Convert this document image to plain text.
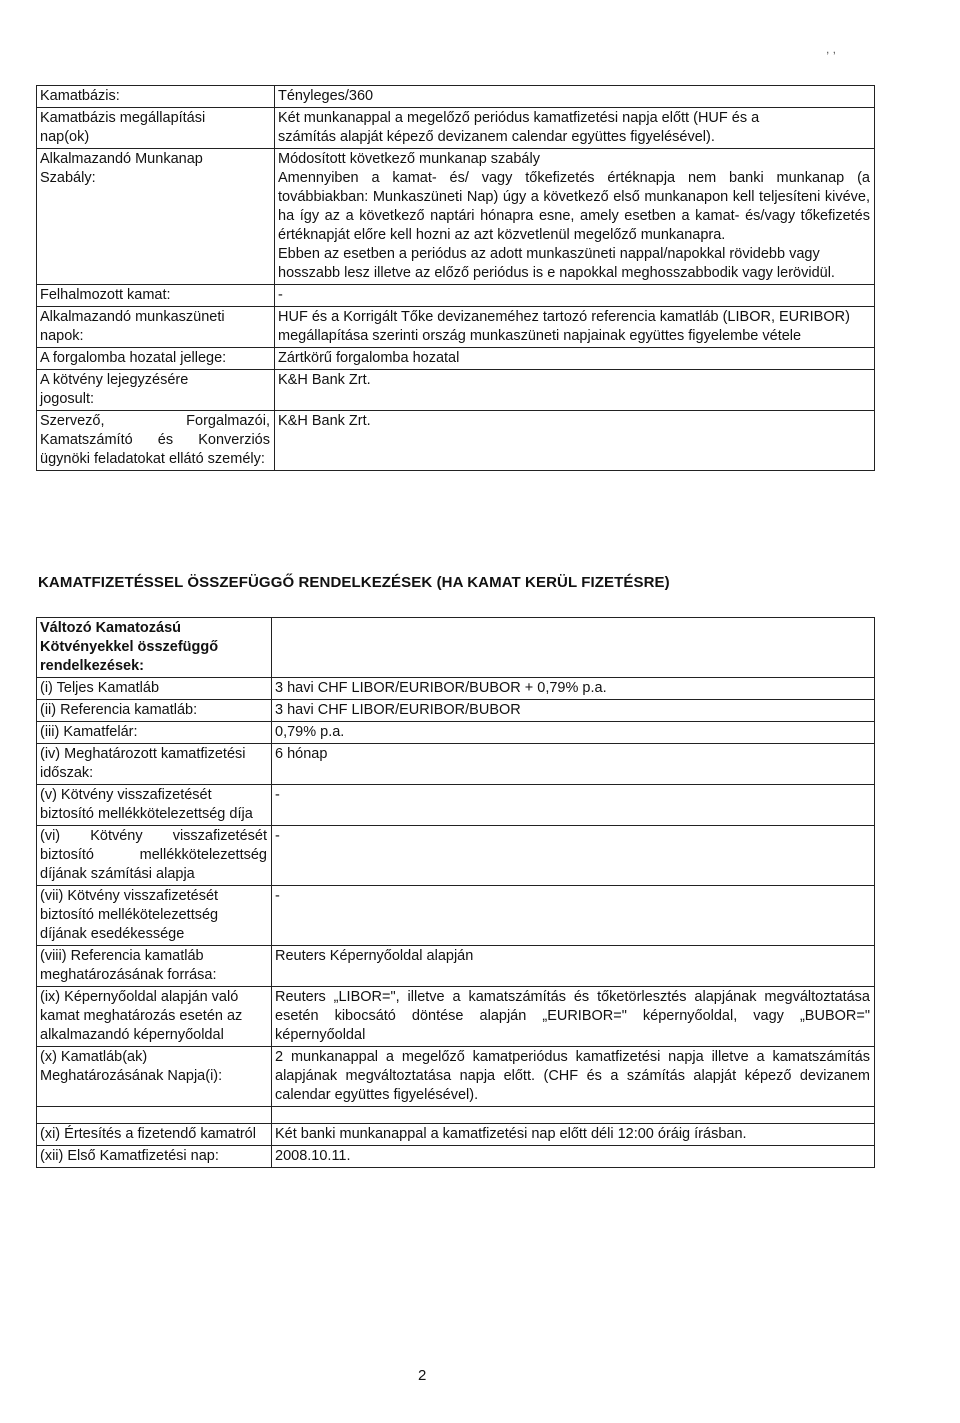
, ,
Kamatbázis:	Tényleges/360

Kamatbázis megállapítási
nap(ok)	Két munkanappal a megelőző periódus kamatfizetési napja előtt (HUF és a
számítás alapját képező devizanem calendar együttes figyelésével).

Alkalmazandó Munkanap
Szabály:	Módosított következő munkanap szabály
Amennyiben a kamat- és/ vagy tőkefizetés értéknapja nem banki munkanap (a továbbiakban: Munkaszüneti Nap) úgy a következő első munkanapon kell teljesíteni kivéve, ha így az a következő naptári hónapra esne, amely esetben a kamat- és/vagy tőkefizetés értéknapját előre kell hozni az azt közvetlenül megelőző munkanapra.
Ebben az esetben a periódus az adott munkaszüneti nappal/napokkal rövidebb vagy hosszabb lesz illetve az előző periódus is e napokkal meghosszabbodik vagy lerövidül.

Felhalmozott kamat:	-

Alkalmazandó munkaszüneti
napok:	HUF és a Korrigált Tőke devizaneméhez tartozó referencia kamatláb (LIBOR, EURIBOR) megállapítása szerinti ország munkaszüneti napjainak együttes figyelembe vétele

A forgalomba hozatal jellege:	Zártkörű forgalomba hozatal

A kötvény lejegyzésére
jogosult:	K&H Bank Zrt.

Szervező, Forgalmazói, Kamatszámító és Konverziós ügynöki feladatokat ellátó személy:	K&H Bank Zrt.
KAMATFIZETÉSSEL ÖSSZEFÜGGŐ RENDELKEZÉSEK (HA KAMAT KERÜL FIZETÉSRE)
Változó Kamatozású Kötvényekkel összefüggő rendelkezések:	
(i) Teljes Kamatláb	3 havi CHF LIBOR/EURIBOR/BUBOR + 0,79% p.a.
(ii) Referencia kamatláb:	3 havi CHF LIBOR/EURIBOR/BUBOR
(iii) Kamatfelár:	0,79% p.a.
(iv) Meghatározott kamatfizetési időszak:	6 hónap
(v) Kötvény visszafizetését biztosító mellékkötelezettség díja	-
(vi) Kötvény visszafizetését biztosító mellékkötelezettség díjának számítási alapja	-
(vii) Kötvény visszafizetését biztosító mellékötelezettség díjának esedékessége	-
(viii) Referencia kamatláb meghatározásának forrása:	Reuters Képernyőoldal alapján
(ix) Képernyőoldal alapján való kamat meghatározás esetén az alkalmazandó képernyőoldal	Reuters „LIBOR=", illetve a kamatszámítás és tőketörlesztés alapjának megváltoztatása esetén kibocsátó döntése alapján „EURIBOR=" képernyőoldal, vagy „BUBOR=" képernyőoldal
(x) Kamatláb(ak) Meghatározásának Napja(i):	2 munkanappal a megelőző kamatperiódus kamatfizetési napja illetve a kamatszámítás alapjának megváltoztatása napja előtt. (CHF és a számítás alapját képező devizanem calendar együttes figyelésével).

(xi) Értesítés a fizetendő kamatról	Két banki munkanappal a kamatfizetési nap előtt déli 12:00 óráig írásban.
(xii) Első Kamatfizetési nap:	2008.10.11.
2
